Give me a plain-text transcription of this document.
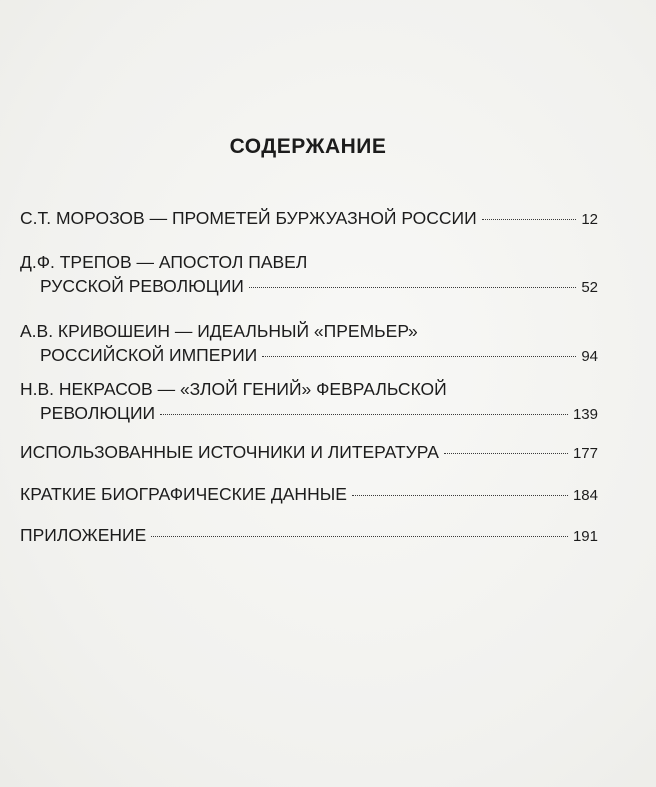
СОДЕРЖАНИЕ
С.Т. МОРОЗОВ — ПРОМЕТЕЙ БУРЖУАЗНОЙ РОССИИ	12
Д.Ф. ТРЕПОВ — АПОСТОЛ ПАВЕЛ
РУССКОЙ РЕВОЛЮЦИИ	52
А.В. КРИВОШЕИН — ИДЕАЛЬНЫЙ «ПРЕМЬЕР»
РОССИЙСКОЙ ИМПЕРИИ	94
Н.В. НЕКРАСОВ — «ЗЛОЙ ГЕНИЙ» ФЕВРАЛЬСКОЙ
РЕВОЛЮЦИИ	139
ИСПОЛЬЗОВАННЫЕ ИСТОЧНИКИ И ЛИТЕРАТУРА	177
КРАТКИЕ БИОГРАФИЧЕСКИЕ ДАННЫЕ	184
ПРИЛОЖЕНИЕ	191
